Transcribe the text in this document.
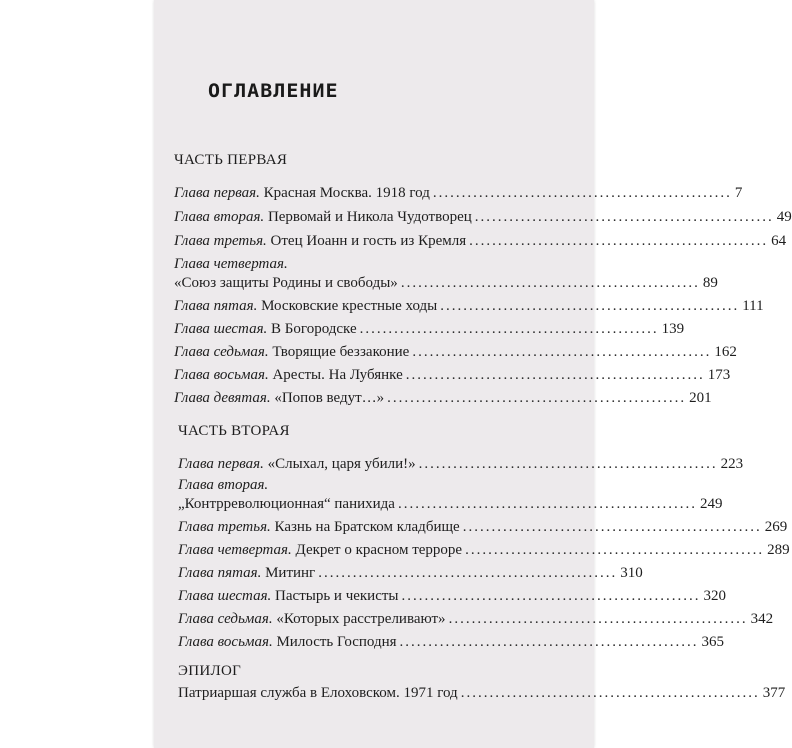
ОГЛАВЛЕНИЕ
ЧАСТЬ ПЕРВАЯ
Глава первая. Красная Москва. 1918 год .................................................... 7
Глава вторая. Первомай и Никола Чудотворец .................................................... 49
Глава третья. Отец Иоанн и гость из Кремля .................................................... 64
Глава четвертая.
«Союз защиты Родины и свободы» .................................................... 89
Глава пятая. Московские крестные ходы .................................................... 111
Глава шестая. В Богородске .................................................... 139
Глава седьмая. Творящие беззаконие .................................................... 162
Глава восьмая. Аресты. На Лубянке .................................................... 173
Глава девятая. «Попов ведут…» .................................................... 201
ЧАСТЬ ВТОРАЯ
Глава первая. «Слыхал, царя убили!» .................................................... 223
Глава вторая.
„Контрреволюционная“ панихида .................................................... 249
Глава третья. Казнь на Братском кладбище .................................................... 269
Глава четвертая. Декрет о красном терроре .................................................... 289
Глава пятая. Митинг .................................................... 310
Глава шестая. Пастырь и чекисты .................................................... 320
Глава седьмая. «Которых расстреливают» .................................................... 342
Глава восьмая. Милость Господня .................................................... 365
ЭПИЛОГ
Патриаршая служба в Елоховском. 1971 год .................................................... 377
